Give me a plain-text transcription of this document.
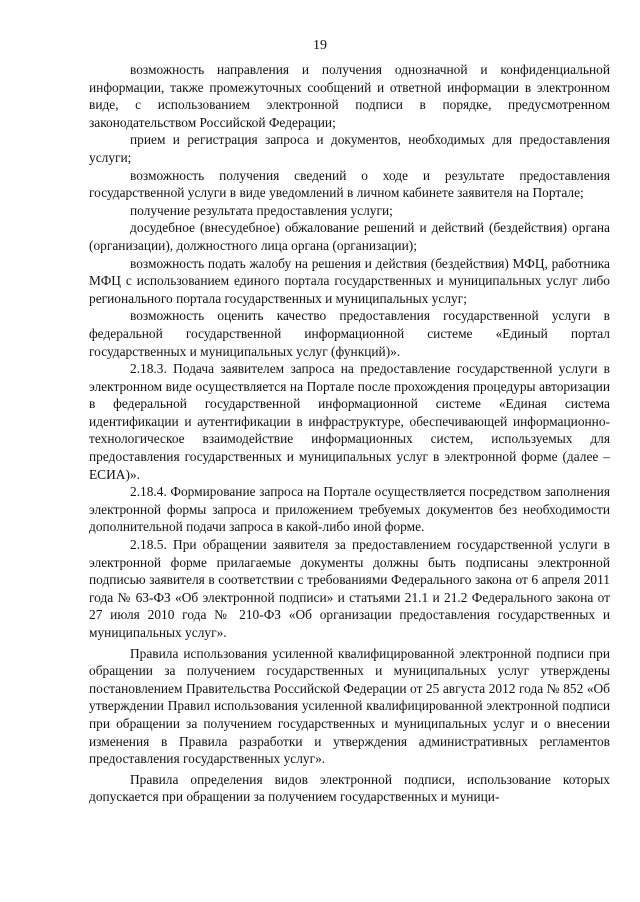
19

возможность направления и получения однозначной и конфиденциальной информации, также промежуточных сообщений и ответной информации в электронном виде, с использованием электронной подписи в порядке, предусмотренном законодательством Российской Федерации;

прием и регистрация запроса и документов, необходимых для предоставления услуги;

возможность получения сведений о ходе и результате предоставления государственной услуги в виде уведомлений в личном кабинете заявителя на Портале;

получение результата предоставления услуги;

досудебное (внесудебное) обжалование решений и действий (бездействия) органа (организации), должностного лица органа (организации);

возможность подать жалобу на решения и действия (бездействия) МФЦ, работника МФЦ с использованием единого портала государственных и муниципальных услуг либо регионального портала государственных и муниципальных услуг;

возможность оценить качество предоставления государственной услуги в федеральной государственной информационной системе «Единый портал государственных и муниципальных услуг (функций)».

2.18.3. Подача заявителем запроса на предоставление государственной услуги в электронном виде осуществляется на Портале после прохождения процедуры авторизации в федеральной государственной информационной системе «Единая система идентификации и аутентификации в инфраструктуре, обеспечивающей информационно-технологическое взаимодействие информационных систем, используемых для предоставления государственных и муниципальных услуг в электронной форме (далее – ЕСИА)».

2.18.4. Формирование запроса на Портале осуществляется посредством заполнения электронной формы запроса и приложением требуемых документов без необходимости дополнительной подачи запроса в какой-либо иной форме.

2.18.5. При обращении заявителя за предоставлением государственной услуги в электронной форме прилагаемые документы должны быть подписаны электронной подписью заявителя в соответствии с требованиями Федерального закона от 6 апреля 2011 года № 63-ФЗ «Об электронной подписи» и статьями 21.1 и 21.2 Федерального закона от 27 июля 2010 года № 210-ФЗ «Об организации предоставления государственных и муниципальных услуг».

Правила использования усиленной квалифицированной электронной подписи при обращении за получением государственных и муниципальных услуг утверждены постановлением Правительства Российской Федерации от 25 августа 2012 года № 852 «Об утверждении Правил использования усиленной квалифицированной электронной подписи при обращении за получением государственных и муниципальных услуг и о внесении изменения в Правила разработки и утверждения административных регламентов предоставления государственных услуг».

Правила определения видов электронной подписи, использование которых допускается при обращении за получением государственных и муници-
